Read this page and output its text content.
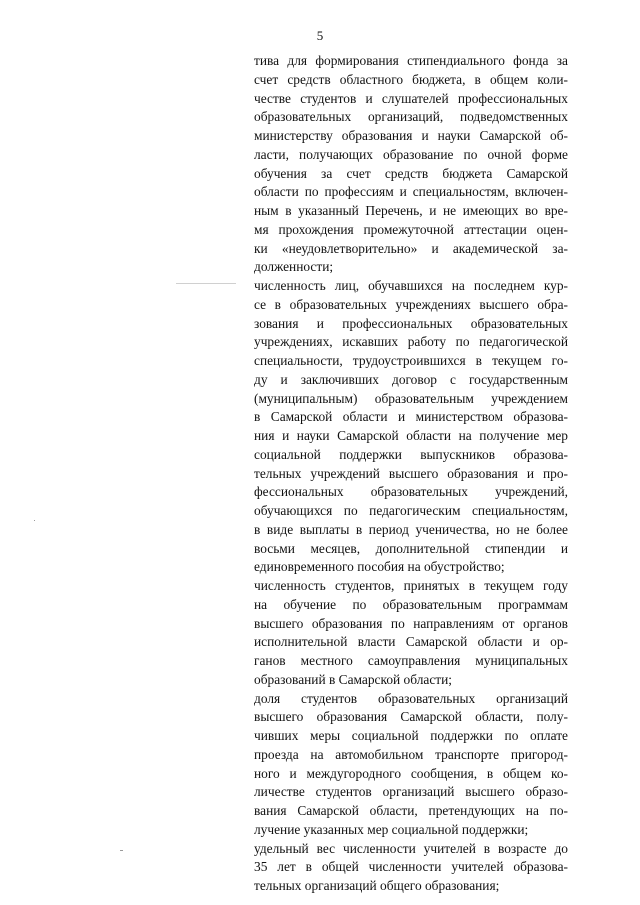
5
тива для формирования стипендиального фонда за
счет средств областного бюджета, в общем коли-
честве студентов и слушателей профессиональных
образовательных организаций, подведомственных
министерству образования и науки Самарской об-
ласти, получающих образование по очной форме
обучения за счет средств бюджета Самарской
области по профессиям и специальностям, включен-
ным в указанный Перечень, и не имеющих во вре-
мя прохождения промежуточной аттестации оцен-
ки «неудовлетворительно» и академической за-
долженности;
численность лиц, обучавшихся на последнем кур-
се в образовательных учреждениях высшего обра-
зования и профессиональных образовательных
учреждениях, искавших работу по педагогической
специальности, трудоустроившихся в текущем го-
ду и заключивших договор с государственным
(муниципальным) образовательным учреждением
в Самарской области и министерством образова-
ния и науки Самарской области на получение мер
социальной поддержки выпускников образова-
тельных учреждений высшего образования и про-
фессиональных образовательных учреждений,
обучающихся по педагогическим специальностям,
в виде выплаты в период ученичества, но не более
восьми месяцев, дополнительной стипендии и
единовременного пособия на обустройство;
численность студентов, принятых в текущем году
на обучение по образовательным программам
высшего образования по направлениям от органов
исполнительной власти Самарской области и ор-
ганов местного самоуправления муниципальных
образований в Самарской области;
доля студентов образовательных организаций
высшего образования Самарской области, полу-
чивших меры социальной поддержки по оплате
проезда на автомобильном транспорте пригород-
ного и междугородного сообщения, в общем ко-
личестве студентов организаций высшего образо-
вания Самарской области, претендующих на по-
лучение указанных мер социальной поддержки;
удельный вес численности учителей в возрасте до
35 лет в общей численности учителей образова-
тельных организаций общего образования;
